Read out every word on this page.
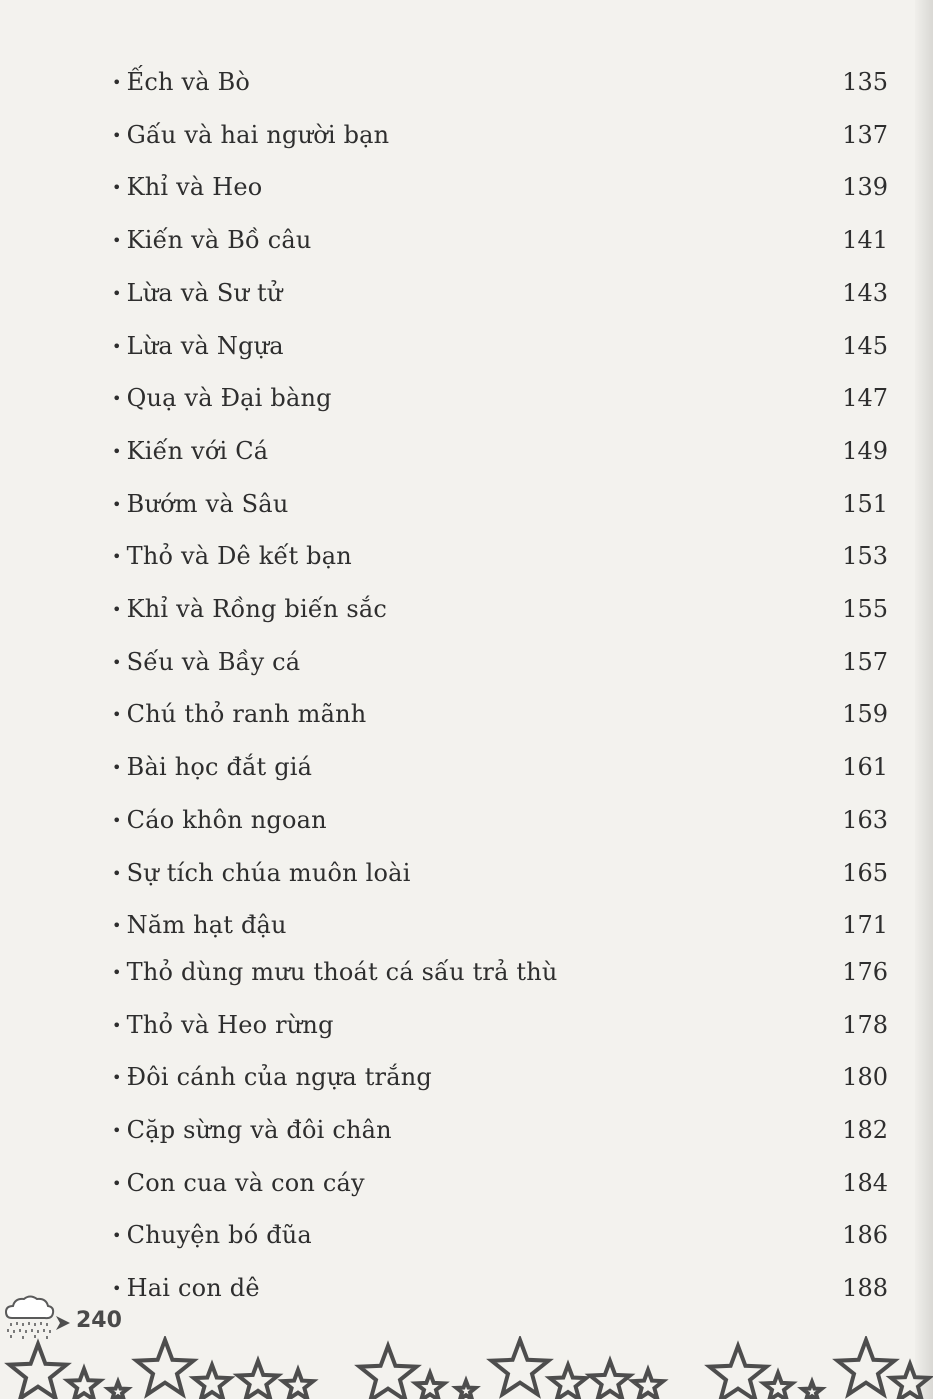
• Ếch và Bò	135
• Gấu và hai người bạn	137
• Khỉ và Heo	139
• Kiến và Bồ câu	141
• Lừa và Sư tử	143
• Lừa và Ngựa	145
• Quạ và Đại bàng	147
• Kiến với Cá	149
• Bướm và Sâu	151
• Thỏ và Dê kết bạn	153
• Khỉ và Rồng biến sắc	155
• Sếu và Bầy cá	157
• Chú thỏ ranh mãnh	159
• Bài học đắt giá	161
• Cáo khôn ngoan	163
• Sự tích chúa muôn loài	165
• Năm hạt đậu	171
• Thỏ dùng mưu thoát cá sấu trả thù	176
• Thỏ và Heo rừng	178
• Đôi cánh của ngựa trắng	180
• Cặp sừng và đôi chân	182
• Con cua và con cáy	184
• Chuyện bó đũa	186
• Hai con dê	188
240
